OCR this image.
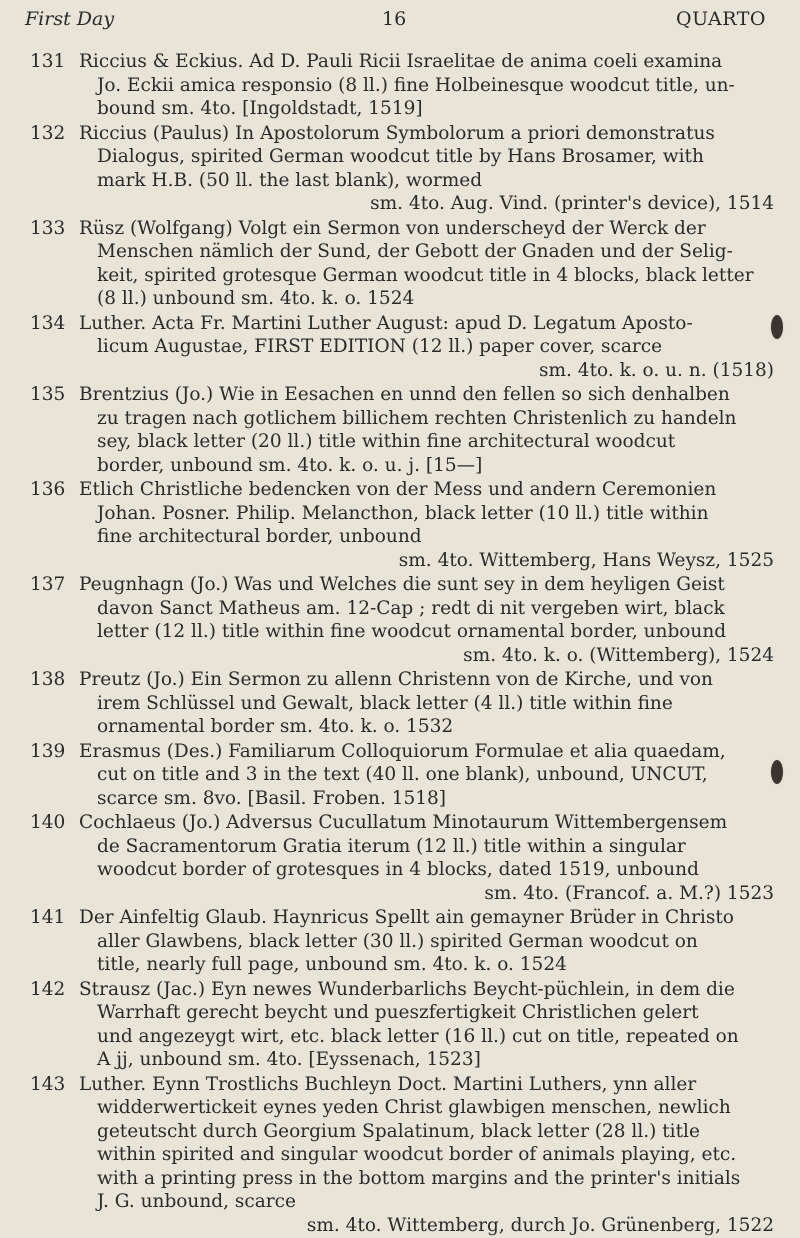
First Day	16	QUARTO
131 Riccius & Eckius. Ad D. Pauli Ricii Israelitae de anima coeli examina
Jo. Eckii amica responsio (8 ll.) fine Holbeinesque woodcut title, un-
bound sm. 4to. [Ingoldstadt, 1519]
132 Riccius (Paulus) In Apostolorum Symbolorum a priori demonstratus
Dialogus, spirited German woodcut title by Hans Brosamer, with
mark H.B. (50 ll. the last blank), wormed
sm. 4to. Aug. Vind. (printer's device), 1514
133 Rüsz (Wolfgang) Volgt ein Sermon von underscheyd der Werck der
Menschen nämlich der Sund, der Gebott der Gnaden und der Selig-
keit, spirited grotesque German woodcut title in 4 blocks, black letter
(8 ll.) unbound sm. 4to. k. o. 1524
134 Luther. Acta Fr. Martini Luther August: apud D. Legatum Aposto-
licum Augustae, FIRST EDITION (12 ll.) paper cover, scarce
sm. 4to. k. o. u. n. (1518)
135 Brentzius (Jo.) Wie in Eesachen en unnd den fellen so sich denhalben
zu tragen nach gotlichem billichem rechten Christenlich zu handeln
sey, black letter (20 ll.) title within fine architectural woodcut
border, unbound sm. 4to. k. o. u. j. [15—]
136 Etlich Christliche bedencken von der Mess und andern Ceremonien
Johan. Posner. Philip. Melancthon, black letter (10 ll.) title within
fine architectural border, unbound
sm. 4to. Wittemberg, Hans Weysz, 1525
137 Peugnhagn (Jo.) Was und Welches die sunt sey in dem heyligen Geist
davon Sanct Matheus am. 12-Cap ; redt di nit vergeben wirt, black
letter (12 ll.) title within fine woodcut ornamental border, unbound
sm. 4to. k. o. (Wittemberg), 1524
138 Preutz (Jo.) Ein Sermon zu allenn Christenn von de Kirche, und von
irem Schlüssel und Gewalt, black letter (4 ll.) title within fine
ornamental border sm. 4to. k. o. 1532
139 Erasmus (Des.) Familiarum Colloquiorum Formulae et alia quaedam,
cut on title and 3 in the text (40 ll. one blank), unbound, UNCUT,
scarce sm. 8vo. [Basil. Froben. 1518]
140 Cochlaeus (Jo.) Adversus Cucullatum Minotaurum Wittembergensem
de Sacramentorum Gratia iterum (12 ll.) title within a singular
woodcut border of grotesques in 4 blocks, dated 1519, unbound
sm. 4to. (Francof. a. M.?) 1523
141 Der Ainfeltig Glaub. Haynricus Spellt ain gemayner Brüder in Christo
aller Glawbens, black letter (30 ll.) spirited German woodcut on
title, nearly full page, unbound sm. 4to. k. o. 1524
142 Strausz (Jac.) Eyn newes Wunderbarlichs Beycht-püchlein, in dem die
Warrhaft gerecht beycht und pueszfertigkeit Christlichen gelert
und angezeygt wirt, etc. black letter (16 ll.) cut on title, repeated on
A jj, unbound sm. 4to. [Eyssenach, 1523]
143 Luther. Eynn Trostlichs Buchleyn Doct. Martini Luthers, ynn aller
widderwertickeit eynes yeden Christ glawbigen menschen, newlich
geteutscht durch Georgium Spalatinum, black letter (28 ll.) title
within spirited and singular woodcut border of animals playing, etc.
with a printing press in the bottom margins and the printer's initials
J. G. unbound, scarce
sm. 4to. Wittemberg, durch Jo. Grünenberg, 1522
